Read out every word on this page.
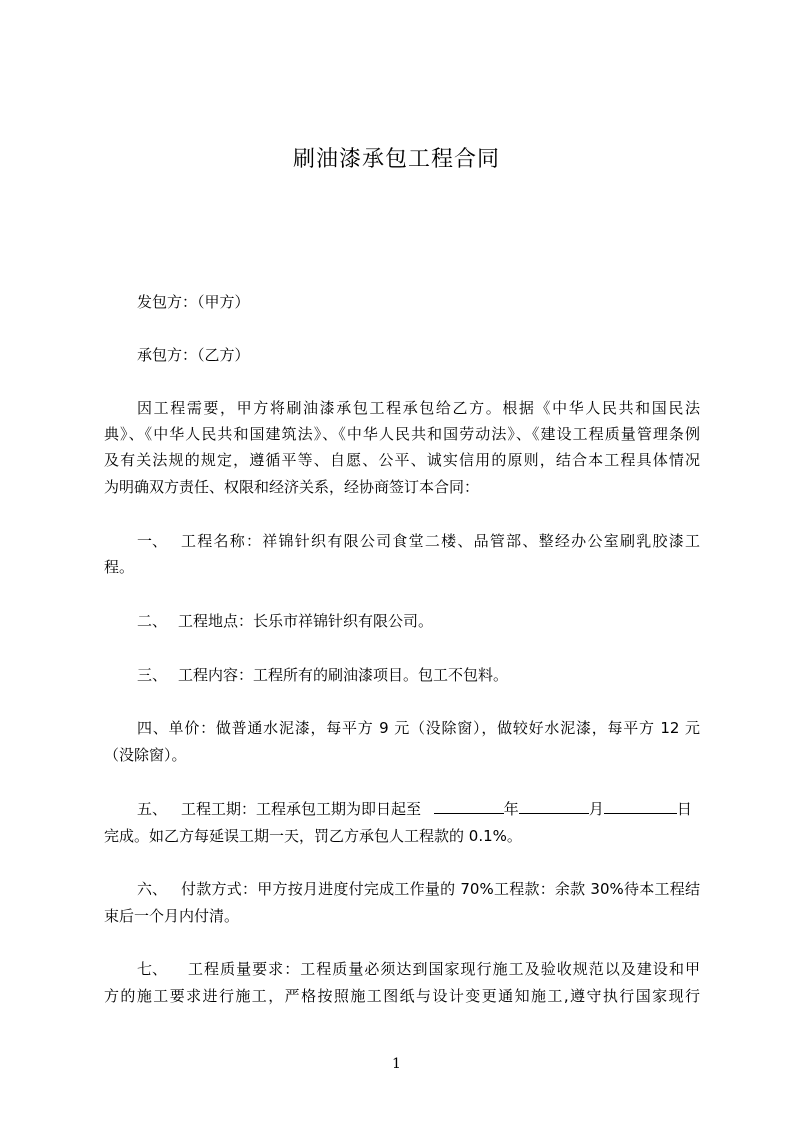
刷油漆承包工程合同
发包方：（甲方）
承包方：（乙方）
因工程需要，甲方将刷油漆承包工程承包给乙方。根据《中华人民共和国民法
典》、《中华人民共和国建筑法》、《中华人民共和国劳动法》、《建设工程质量管理条例
及有关法规的规定，遵循平等、自愿、公平、诚实信用的原则，结合本工程具体情况
为明确双方责任、权限和经济关系，经协商签订本合同：
一、 工程名称：祥锦针织有限公司食堂二楼、品管部、整经办公室刷乳胶漆工
程。
二、 工程地点：长乐市祥锦针织有限公司。
三、 工程内容：工程所有的刷油漆项目。包工不包料。
四、单价：做普通水泥漆，每平方 9 元（没除窗），做较好水泥漆，每平方 12 元
（没除窗）。
五、 工程工期：工程承包工期为即日起至	年	月	日
完成。如乙方每延误工期一天，罚乙方承包人工程款的 0.1%。
六、 付款方式：甲方按月进度付完成工作量的 70%工程款：余款 30%待本工程结
束后一个月内付清。
七、 工程质量要求：工程质量必须达到国家现行施工及验收规范以及建设和甲
方的施工要求进行施工，严格按照施工图纸与设计变更通知施工,遵守执行国家现行
1
